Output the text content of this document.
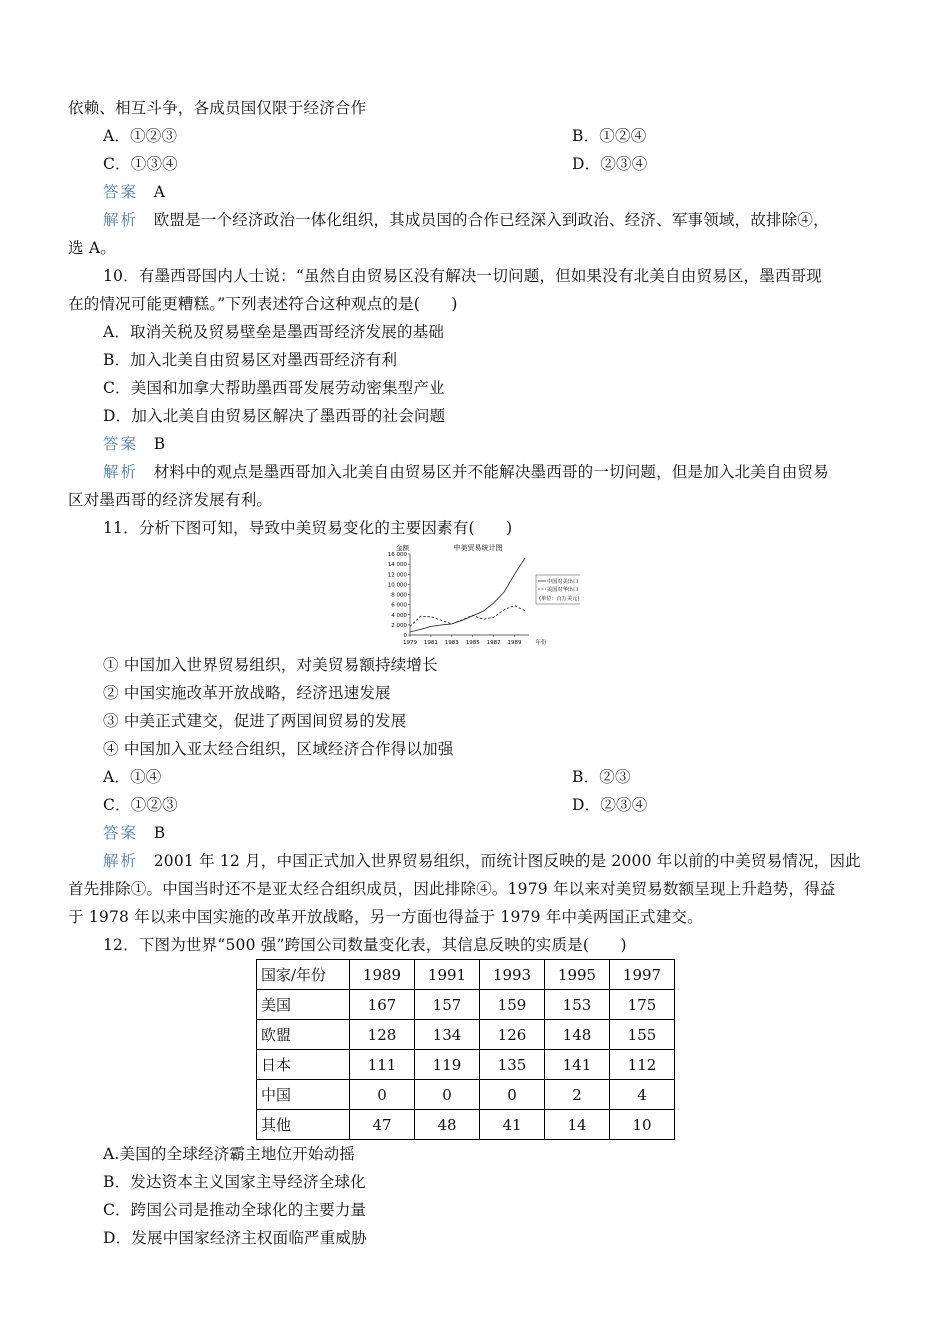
依赖、相互斗争，各成员国仅限于经济合作
A．①②③	B．①②④
C．①③④	D．②③④
答案　 A
解析　 欧盟是一个经济政治一体化组织，其成员国的合作已经深入到政治、经济、军事领域，故排除④，
选 A。
10．有墨西哥国内人士说：“虽然自由贸易区没有解决一切问题，但如果没有北美自由贸易区，墨西哥现
在的情况可能更糟糕。”下列表述符合这种观点的是(　　)
A．取消关税及贸易壁垒是墨西哥经济发展的基础
B．加入北美自由贸易区对墨西哥经济有利
C．美国和加拿大帮助墨西哥发展劳动密集型产业
D．加入北美自由贸易区解决了墨西哥的社会问题
答案　 B
解析　 材料中的观点是墨西哥加入北美自由贸易区并不能解决墨西哥的一切问题，但是加入北美自由贸易
区对墨西哥的经济发展有利。
11．分析下图可知，导致中美贸易变化的主要因素有(　　)
金额	中美贸易统计图
0
2 000
4 000
6 000
8 000
10 000
12 000
14 000
16 000
1979 1981 1983 1985 1987 1989	年份
中国对美出口
美国对华出口
(单位：百万美元)
① 中国加入世界贸易组织，对美贸易额持续增长
② 中国实施改革开放战略，经济迅速发展
③ 中美正式建交，促进了两国间贸易的发展
④ 中国加入亚太经合组织，区域经济合作得以加强
A．①④	B．②③
C．①②③	D．②③④
答案　 B
解析　 2001 年 12 月，中国正式加入世界贸易组织，而统计图反映的是 2000 年以前的中美贸易情况，因此
首先排除①。中国当时还不是亚太经合组织成员，因此排除④。1979 年以来对美贸易数额呈现上升趋势，得益
于 1978 年以来中国实施的改革开放战略，另一方面也得益于 1979 年中美两国正式建交。
12．下图为世界“500 强”跨国公司数量变化表，其信息反映的实质是(　　)
国家/年份	1989	1991	1993	1995	1997
美国	167	157	159	153	175
欧盟	128	134	126	148	155
日本	111	119	135	141	112
中国	0	0	0	2	4
其他	47	48	41	14	10
A.美国的全球经济霸主地位开始动摇
B．发达资本主义国家主导经济全球化
C．跨国公司是推动全球化的主要力量
D．发展中国家经济主权面临严重威胁
